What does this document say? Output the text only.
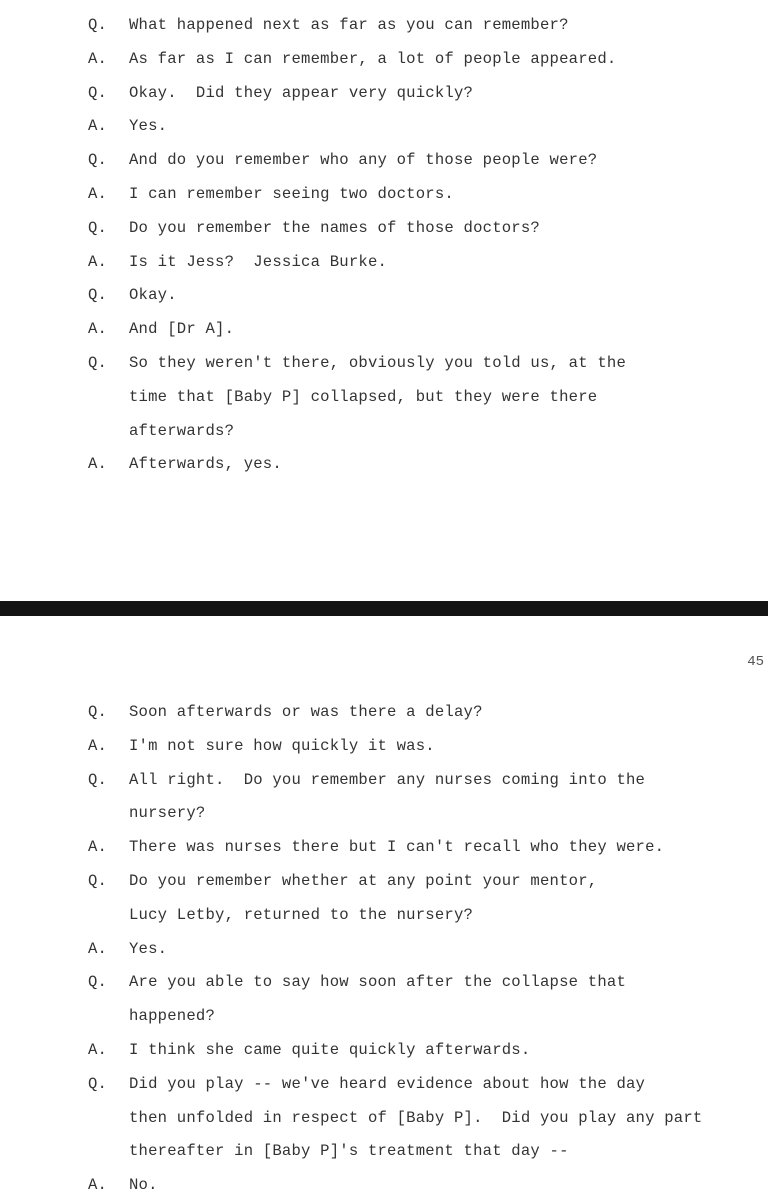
Q. What happened next as far as you can remember?
A. As far as I can remember, a lot of people appeared.
Q. Okay.  Did they appear very quickly?
A. Yes.
Q. And do you remember who any of those people were?
A. I can remember seeing two doctors.
Q. Do you remember the names of those doctors?
A. Is it Jess?  Jessica Burke.
Q. Okay.
A. And [Dr A].
Q. So they weren't there, obviously you told us, at the
time that [Baby P] collapsed, but they were there
afterwards?
A. Afterwards, yes.
45
Q. Soon afterwards or was there a delay?
A. I'm not sure how quickly it was.
Q. All right.  Do you remember any nurses coming into the
nursery?
A. There was nurses there but I can't recall who they were.
Q. Do you remember whether at any point your mentor,
Lucy Letby, returned to the nursery?
A. Yes.
Q. Are you able to say how soon after the collapse that
happened?
A. I think she came quite quickly afterwards.
Q. Did you play -- we've heard evidence about how the day
then unfolded in respect of [Baby P].  Did you play any part
thereafter in [Baby P]'s treatment that day --
A. No.
